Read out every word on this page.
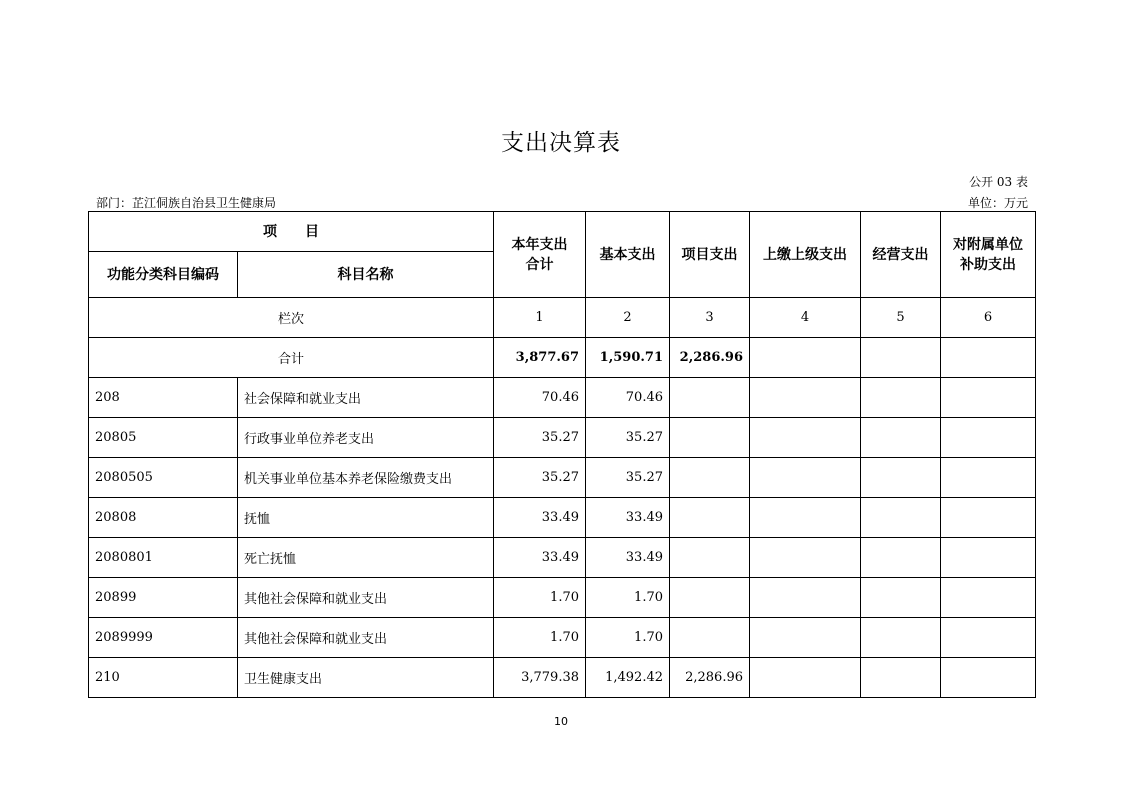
支出决算表
公开 03 表
部门：芷江侗族自治县卫生健康局	单位：万元
项　　目		本年支出合计	基本支出	项目支出	上缴上级支出	经营支出	对附属单位补助支出

功能分类科目编码	科目名称						
栏次		1	2	3	4	5	6
合计		3,877.67	1,590.71	2,286.96			
208	社会保障和就业支出	70.46	70.46				
20805	行政事业单位养老支出	35.27	35.27				
2080505	机关事业单位基本养老保险缴费支出	35.27	35.27				
20808	抚恤	33.49	33.49				
2080801	死亡抚恤	33.49	33.49				
20899	其他社会保障和就业支出	1.70	1.70				
2089999	其他社会保障和就业支出	1.70	1.70				
210	卫生健康支出	3,779.38	1,492.42	2,286.96			
10
